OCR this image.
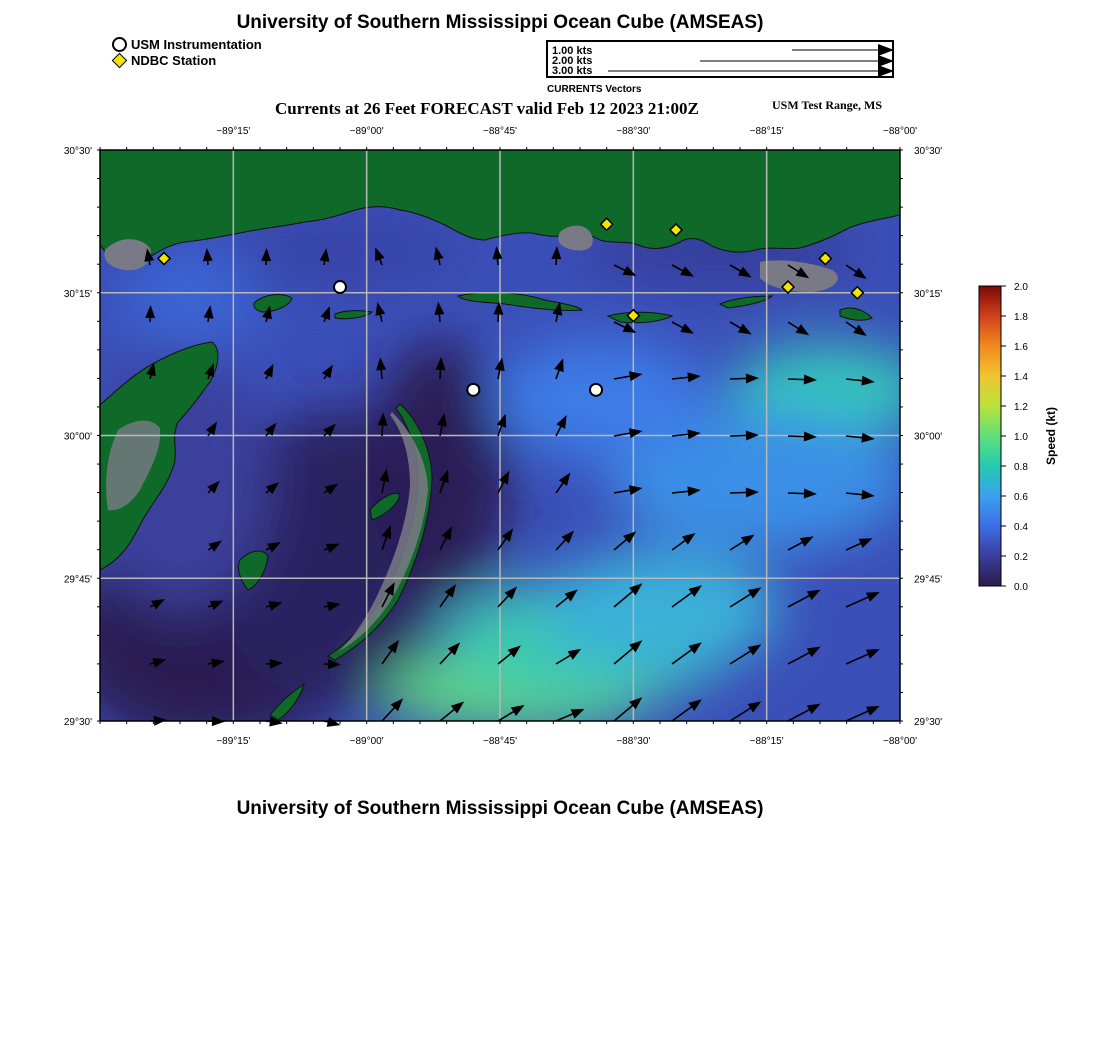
University of Southern Mississippi Ocean Cube (AMSEAS)
USM Instrumentation
NDBC Station
1.00 kts
2.00 kts
3.00 kts
CURRENTS Vectors
Currents at 26 Feet FORECAST valid Feb 12 2023 21:00Z	USM Test Range, MS
−89°15'
−89°15'
−89°00'
−89°00'
−88°45'
−88°45'
−88°30'
−88°30'
−88°15'
−88°15'
−88°00'
−88°00'
30°30'	30°30'
30°15'	30°15'
30°00'	30°00'
29°45'	29°45'
29°30'	29°30'
0.0
0.2
0.4
0.6
0.8
1.0
1.2
1.4
1.6
1.8
2.0
Speed (kt)
University of Southern Mississippi Ocean Cube (AMSEAS)
